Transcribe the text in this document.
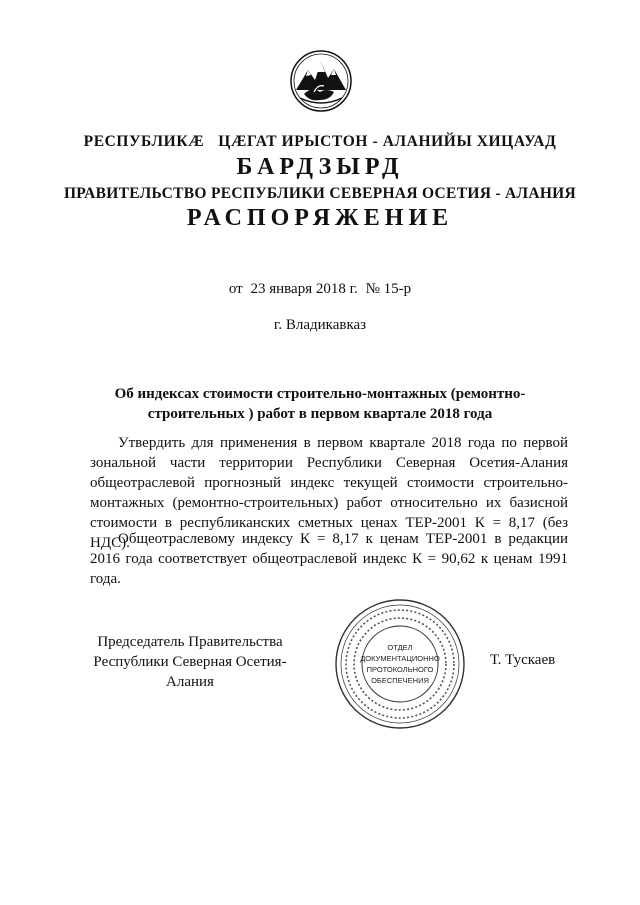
РЕСПУБЛИКӔ ЦӔГАТ ИРЫСТОН - АЛАНИЙЫ ХИЦАУАД
БАРДЗЫРД
ПРАВИТЕЛЬСТВО РЕСПУБЛИКИ СЕВЕРНАЯ ОСЕТИЯ - АЛАНИЯ
РАСПОРЯЖЕНИЕ
от 23 января 2018 г. № 15-р
г. Владикавказ
Об индексах стоимости строительно-монтажных (ремонтно-
строительных ) работ в первом квартале 2018 года
Утвердить для применения в первом квартале 2018 года по первой зональной части территории Республики Северная Осетия-Алания общеотраслевой прогнозный индекс текущей стоимости строительно-монтажных (ремонтно-строительных) работ относительно их базисной стоимости в республиканских сметных ценах ТЕР-2001 К = 8,17 (без НДС).
Общеотраслевому индексу К = 8,17 к ценам ТЕР-2001 в редакции 2016 года соответствует общеотраслевой индекс К = 90,62 к ценам 1991 года.
Председатель Правительства
Республики Северная Осетия-Алания
Т. Тускаев
ОТДЕЛ
ДОКУМЕНТАЦИОННО
ПРОТОКОЛЬНОГО
ОБЕСПЕЧЕНИЯ
